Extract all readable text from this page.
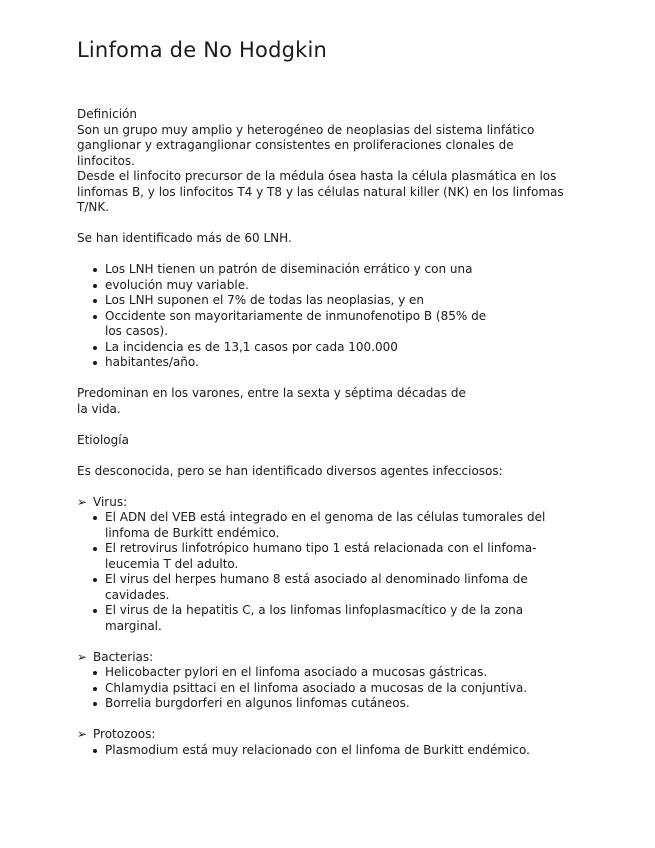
Linfoma de No Hodgkin

Definición

Son un grupo muy amplio y heterogéneo de neoplasias del sistema linfático ganglionar y extraganglionar consistentes en proliferaciones clonales de linfocitos.

Desde el linfocito precursor de la médula ósea hasta la célula plasmática en los linfomas B, y los linfocitos T4 y T8 y las células natural killer (NK) en los linfomas T/NK.

Se han identificado más de 60 LNH.

Los LNH tienen un patrón de diseminación errático y con una
evolución muy variable.
Los LNH suponen el 7% de todas las neoplasias, y en
Occidente son mayoritariamente de inmunofenotipo B (85% de los casos).
La incidencia es de 13,1 casos por cada 100.000
habitantes/año.

Predominan en los varones, entre la sexta y séptima décadas de la vida.

Etiología

Es desconocida, pero se han identificado diversos agentes infecciosos:

➢ Virus:

El ADN del VEB está integrado en el genoma de las células tumorales del linfoma de Burkitt endémico.
El retrovirus linfotrópico humano tipo 1 está relacionada con el linfoma-leucemia T del adulto.
El virus del herpes humano 8 está asociado al denominado linfoma de cavidades.
El virus de la hepatitis C, a los linfomas linfoplasmacítico y de la zona marginal.

➢ Bacterias:

Helicobacter pylori en el linfoma asociado a mucosas gástricas.
Chlamydia psittaci en el linfoma asociado a mucosas de la conjuntiva.
Borrelia burgdorferi en algunos linfomas cutáneos.

➢ Protozoos:

Plasmodium está muy relacionado con el linfoma de Burkitt endémico.
